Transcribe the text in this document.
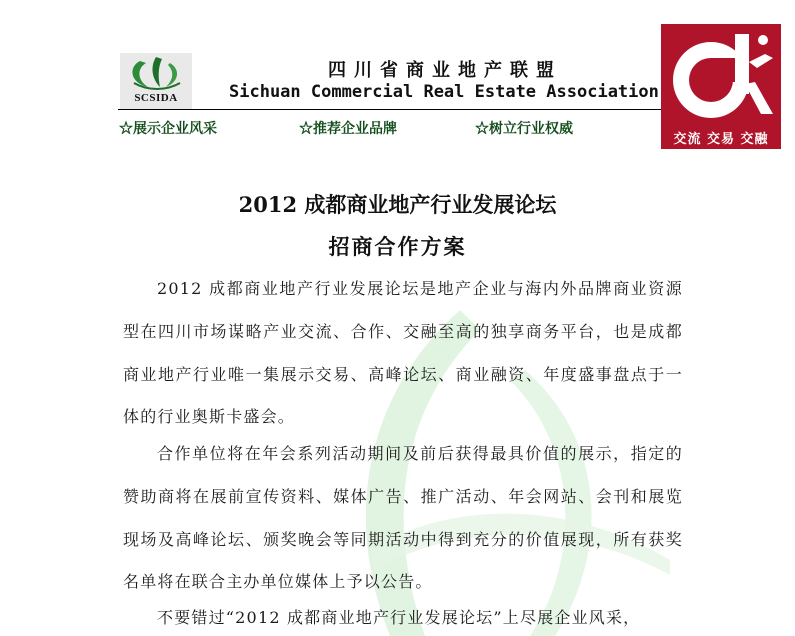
SCSIDA
四川省商业地产联盟
Sichuan Commercial Real Estate Association
☆展示企业风采	☆推荐企业品牌	☆树立行业权威
交流 交易 交融
2012 成都商业地产行业发展论坛
招商合作方案

2012 成都商业地产行业发展论坛是地产企业与海内外品牌商业资源型在四川市场谋略产业交流、合作、交融至高的独享商务平台，也是成都商业地产行业唯一集展示交易、高峰论坛、商业融资、年度盛事盘点于一体的行业奥斯卡盛会。

合作单位将在年会系列活动期间及前后获得最具价值的展示，指定的赞助商将在展前宣传资料、媒体广告、推广活动、年会网站、会刊和展览现场及高峰论坛、颁奖晚会等同期活动中得到充分的价值展现，所有获奖名单将在联合主办单位媒体上予以公告。

不要错过“2012 成都商业地产行业发展论坛”上尽展企业风采，
